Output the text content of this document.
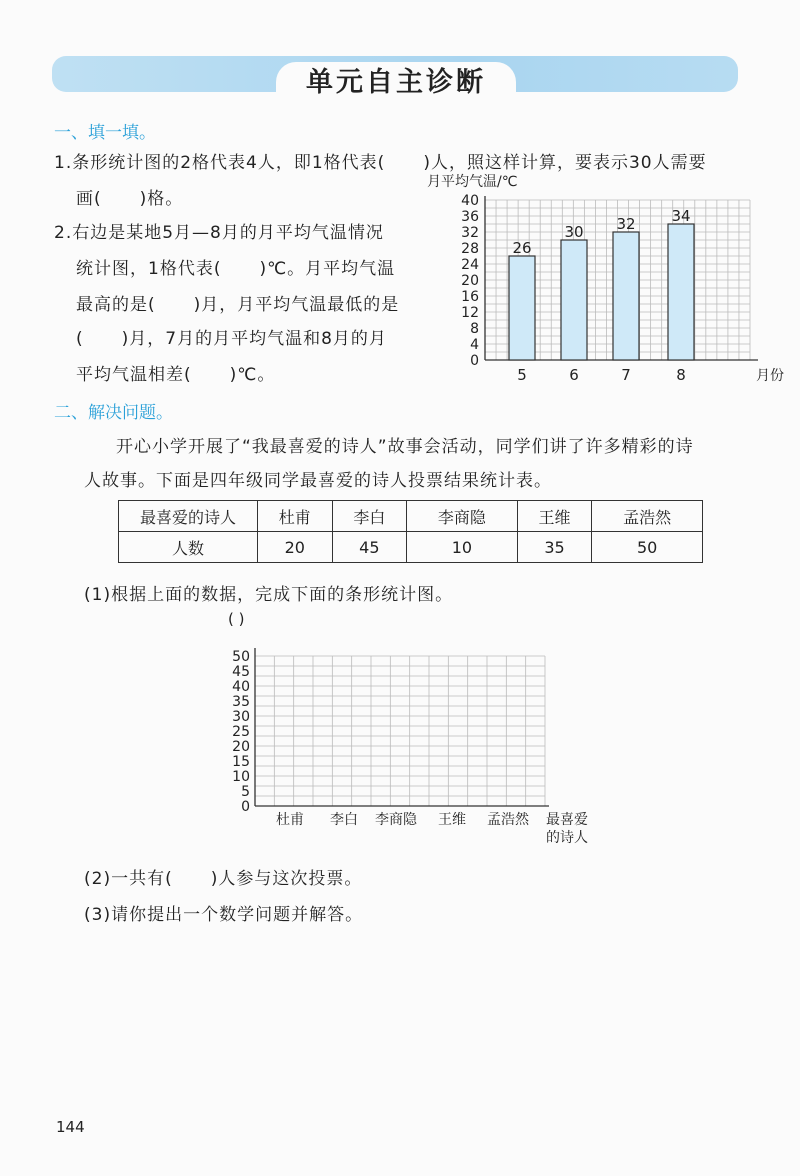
单元自主诊断
一、填一填。
1.条形统计图的2格代表4人，即1格代表( )人，照这样计算，要表示30人需要
画( )格。
2.右边是某地5月—8月的月平均气温情况
统计图，1格代表( )℃。月平均气温
最高的是( )月，月平均气温最低的是
( )月，7月的月平均气温和8月的月
平均气温相差( )℃。
月平均气温/℃
0
4
8
12
16
20
24
28
32
36
40
26
5
30
6
32
7
34
8	月份
二、解决问题。
开心小学开展了“我最喜爱的诗人”故事会活动，同学们讲了许多精彩的诗
人故事。下面是四年级同学最喜爱的诗人投票结果统计表。
最喜爱的诗人	杜甫	李白	李商隐	王维	孟浩然
人数	20	45	10	35	50
(1)根据上面的数据，完成下面的条形统计图。
( )
0
5
10
15
20
25
30
35
40
45
50
杜甫 李白 李商隐 王维 孟浩然 最喜爱
的诗人
(2)一共有( )人参与这次投票。
(3)请你提出一个数学问题并解答。
144
